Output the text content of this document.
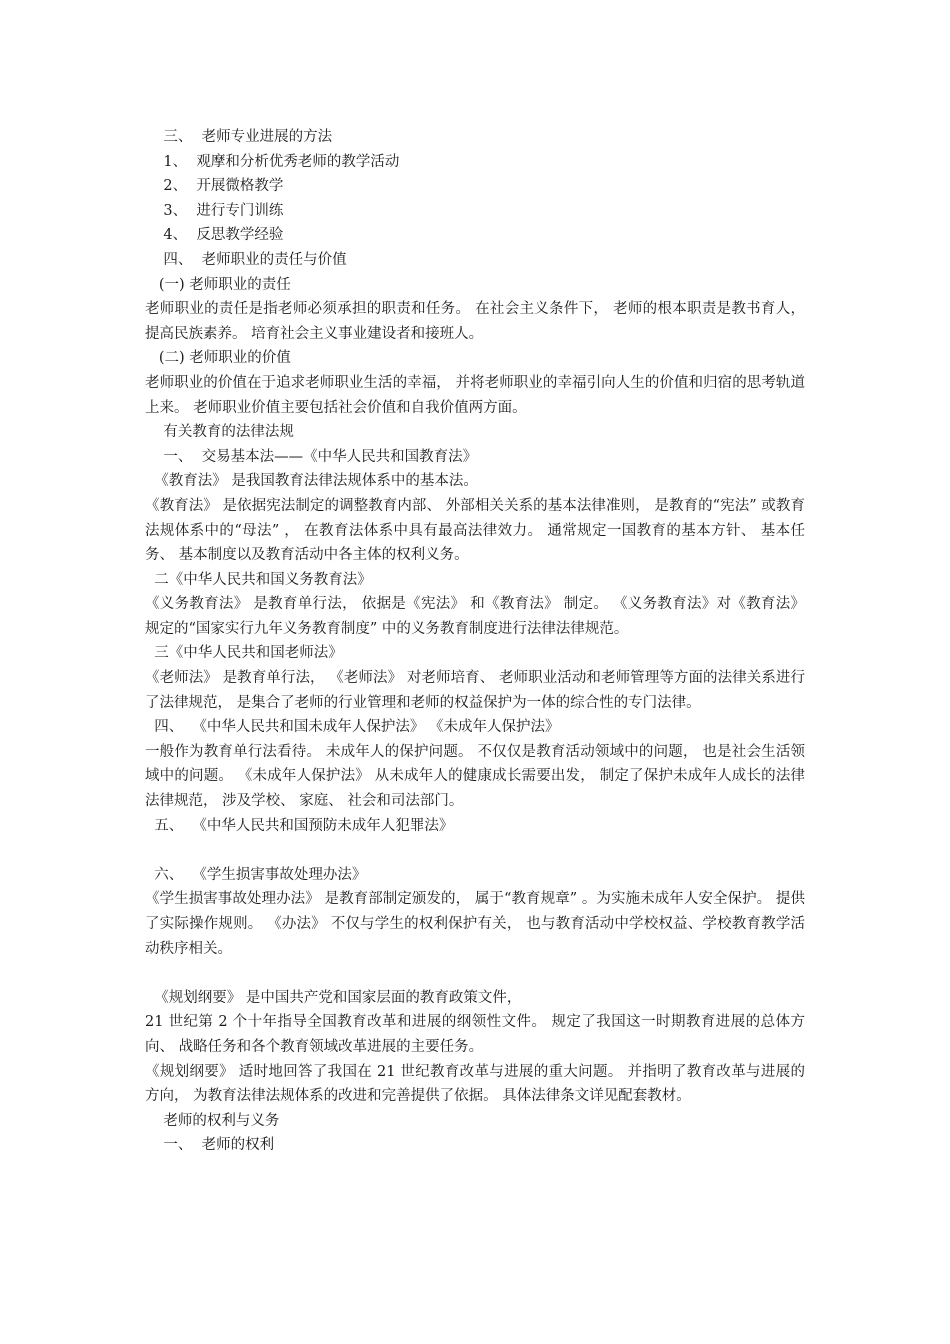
三、  老师专业进展的方法
1、  观摩和分析优秀老师的教学活动
2、  开展微格教学
3、  进行专门训练
4、  反思教学经验
四、  老师职业的责任与价值
(一) 老师职业的责任
老师职业的责任是指老师必须承担的职责和任务。 在社会主义条件下， 老师的根本职责是教书育人， 提高民族素养。 培育社会主义事业建设者和接班人。
(二) 老师职业的价值
老师职业的价值在于追求老师职业生活的幸福， 并将老师职业的幸福引向人生的价值和归宿的思考轨道上来。 老师职业价值主要包括社会价值和自我价值两方面。
有关教育的法律法规
一、  交易基本法——《中华人民共和国教育法》
《教育法》 是我国教育法律法规体系中的基本法。
《教育法》 是依据宪法制定的调整教育内部、 外部相关关系的基本法律准则， 是教育的“宪法” 或教育法规体系中的“母法” ， 在教育法体系中具有最高法律效力。 通常规定一国教育的基本方针、 基本任务、 基本制度以及教育活动中各主体的权利义务。
二《中华人民共和国义务教育法》
《义务教育法》 是教育单行法， 依据是《宪法》 和《教育法》 制定。 《义务教育法》对《教育法》 规定的“国家实行九年义务教育制度” 中的义务教育制度进行法律法律规范。
三《中华人民共和国老师法》
《老师法》 是教育单行法， 《老师法》 对老师培育、 老师职业活动和老师管理等方面的法律关系进行了法律规范， 是集合了老师的行业管理和老师的权益保护为一体的综合性的专门法律。
四、  《中华人民共和国未成年人保护法》 《未成年人保护法》
一般作为教育单行法看待。 未成年人的保护问题。 不仅仅是教育活动领域中的问题， 也是社会生活领域中的问题。 《未成年人保护法》 从未成年人的健康成长需要出发， 制定了保护未成年人成长的法律法律规范， 涉及学校、 家庭、 社会和司法部门。
五、  《中华人民共和国预防未成年人犯罪法》
六、  《学生损害事故处理办法》
《学生损害事故处理办法》 是教育部制定颁发的， 属于“教育规章” 。为实施未成年人安全保护。 提供了实际操作规则。 《办法》 不仅与学生的权利保护有关， 也与教育活动中学校权益、学校教育教学活动秩序相关。
《规划纲要》 是中国共产党和国家层面的教育政策文件，
21 世纪第 2 个十年指导全国教育改革和进展的纲领性文件。 规定了我国这一时期教育进展的总体方向、 战略任务和各个教育领域改革进展的主要任务。
《规划纲要》 适时地回答了我国在 21 世纪教育改革与进展的重大问题。 并指明了教育改革与进展的方向， 为教育法律法规体系的改进和完善提供了依据。 具体法律条文详见配套教材。
老师的权利与义务
一、  老师的权利
